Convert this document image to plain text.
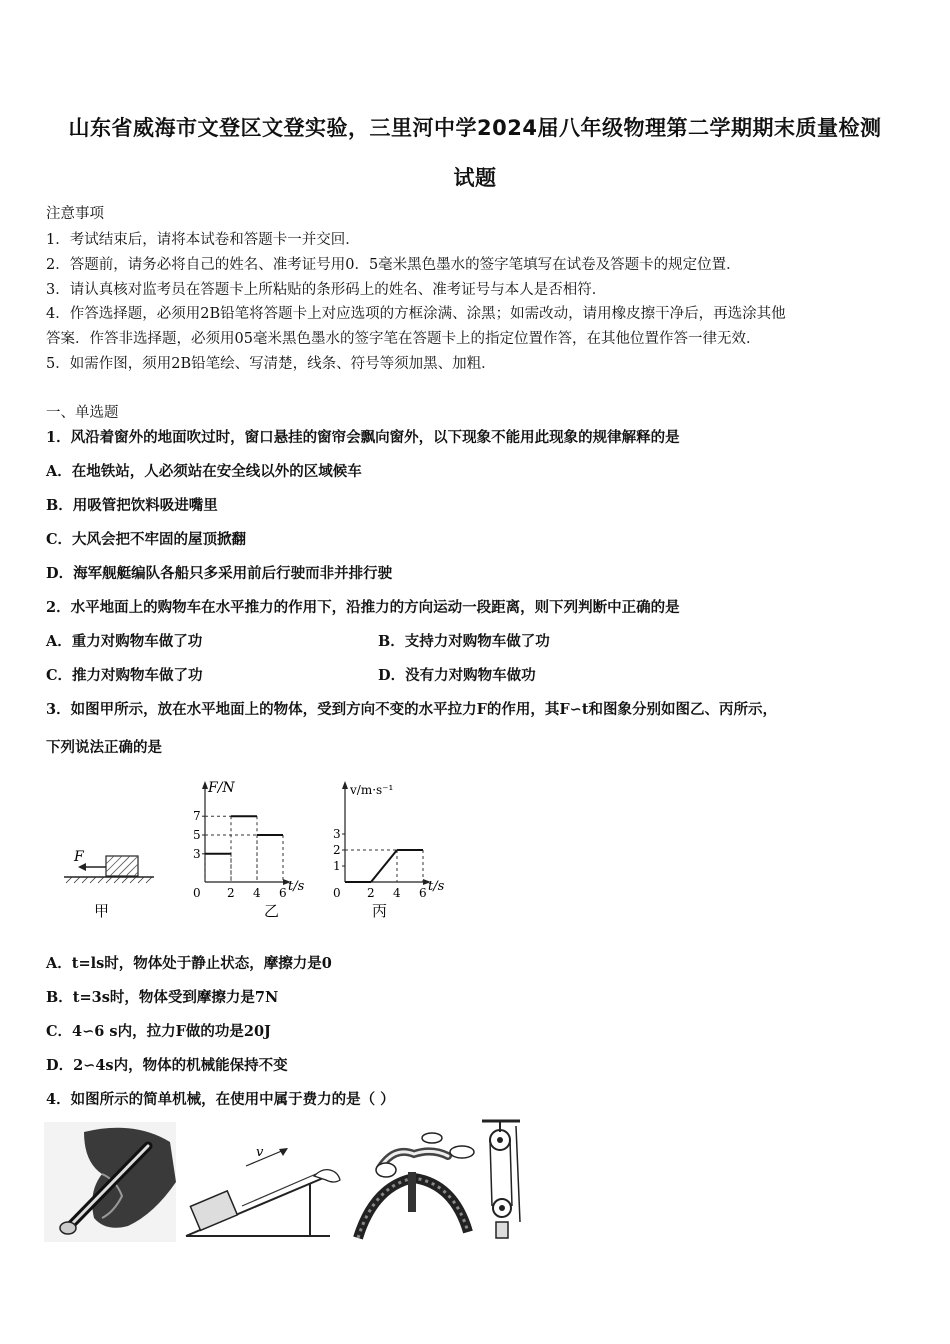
山东省威海市文登区文登实验，三里河中学2024届八年级物理第二学期期末质量检测
试题
注意事项
1．考试结束后，请将本试卷和答题卡一并交回．
2．答题前，请务必将自己的姓名、准考证号用0．5毫米黑色墨水的签字笔填写在试卷及答题卡的规定位置．
3．请认真核对监考员在答题卡上所粘贴的条形码上的姓名、准考证号与本人是否相符．
4．作答选择题，必须用2B铅笔将答题卡上对应选项的方框涂满、涂黑；如需改动，请用橡皮擦干净后，再选涂其他
答案．作答非选择题，必须用05毫米黑色墨水的签字笔在答题卡上的指定位置作答，在其他位置作答一律无效．
5．如需作图，须用2B铅笔绘、写清楚，线条、符号等须加黑、加粗．
一、单选题
1．风沿着窗外的地面吹过时，窗口悬挂的窗帘会飘向窗外，以下现象不能用此现象的规律解释的是
A．在地铁站，人必须站在安全线以外的区域候车
B．用吸管把饮料吸进嘴里
C．大风会把不牢固的屋顶掀翻
D．海军舰艇编队各船只多采用前后行驶而非并排行驶
2．水平地面上的购物车在水平推力的作用下，沿推力的方向运动一段距离，则下列判断中正确的是
A．重力对购物车做了功	B．支持力对购物车做了功
C．推力对购物车做了功	D．没有力对购物车做功
3．如图甲所示，放在水平地面上的物体，受到方向不变的水平拉力F的作用，其F∽t和图象分别如图乙、丙所示，
下列说法正确的是
F
甲
F/N
t/s
7
5
3
0 2 4 6
乙
v/m·s⁻¹
t/s
3
2
1
0 2 4 6
丙
A．t=ls时，物体处于静止状态，摩擦力是0
B．t=3s时，物体受到摩擦力是7N
C．4∽6 s内，拉力F做的功是20J
D．2∽4s内，物体的机械能保持不变
4．如图所示的简单机械，在使用中属于费力的是（ ）
v
